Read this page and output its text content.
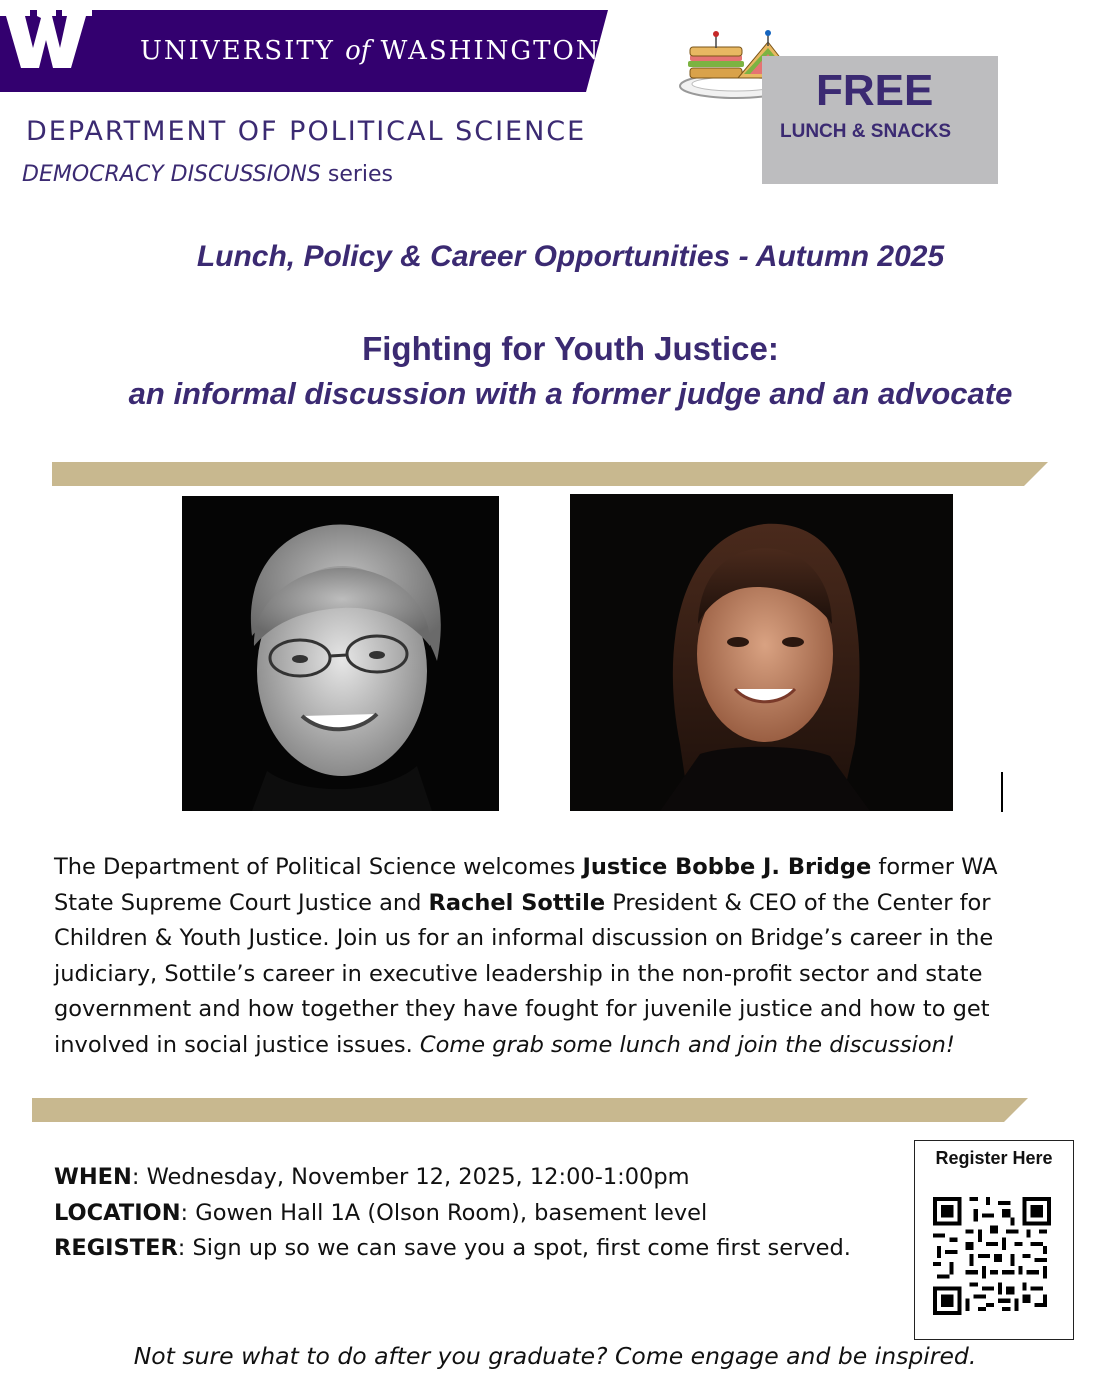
UNIVERSITY of WASHINGTON
DEPARTMENT OF POLITICAL SCIENCE
DEMOCRACY DISCUSSIONS series
FREE
LUNCH & SNACKS
Lunch, Policy & Career Opportunities - Autumn 2025
Fighting for Youth Justice:
an informal discussion with a former judge and an advocate
The Department of Political Science welcomes Justice Bobbe J. Bridge former WA State Supreme Court Justice and Rachel Sottile President & CEO of the Center for Children & Youth Justice. Join us for an informal discussion on Bridge’s career in the judiciary, Sottile’s career in executive leadership in the non-profit sector and state government and how together they have fought for juvenile justice and how to get involved in social justice issues. Come grab some lunch and join the discussion!
WHEN: Wednesday, November 12, 2025, 12:00-1:00pm
LOCATION: Gowen Hall 1A (Olson Room), basement level
REGISTER: Sign up so we can save you a spot, first come first served.
Register Here
Not sure what to do after you graduate? Come engage and be inspired.
